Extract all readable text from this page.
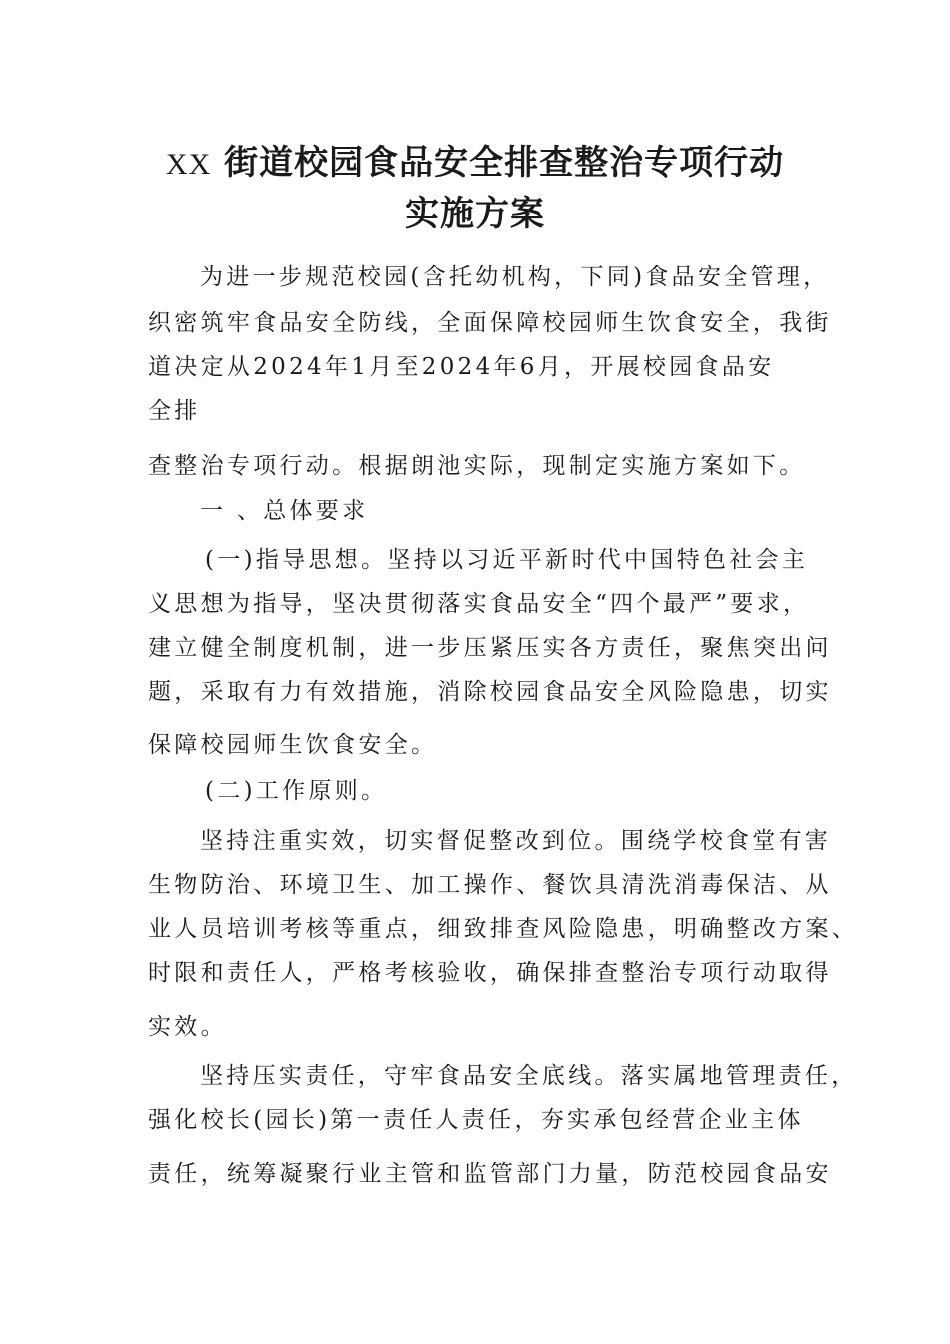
XX 街道校园食品安全排查整治专项行动
实施方案

为进一步规范校园(含托幼机构，下同)食品安全管理，

织密筑牢食品安全防线，全面保障校园师生饮食安全，我街

道决定从2024年1月至2024年6月，开展校园食品安

全排

查整治专项行动。根据朗池实际，现制定实施方案如下。

一 、总体要求

(一)指导思想。坚持以习近平新时代中国特色社会主

义思想为指导，坚决贯彻落实食品安全“四个最严”要求，

建立健全制度机制，进一步压紧压实各方责任，聚焦突出问

题，采取有力有效措施，消除校园食品安全风险隐患，切实

保障校园师生饮食安全。

(二)工作原则。

坚持注重实效，切实督促整改到位。围绕学校食堂有害

生物防治、环境卫生、加工操作、餐饮具清洗消毒保洁、从

业人员培训考核等重点，细致排查风险隐患，明确整改方案、

时限和责任人，严格考核验收，确保排查整治专项行动取得

实效。

坚持压实责任，守牢食品安全底线。落实属地管理责任，

强化校长(园长)第一责任人责任，夯实承包经营企业主体

责任，统筹凝聚行业主管和监管部门力量，防范校园食品安
